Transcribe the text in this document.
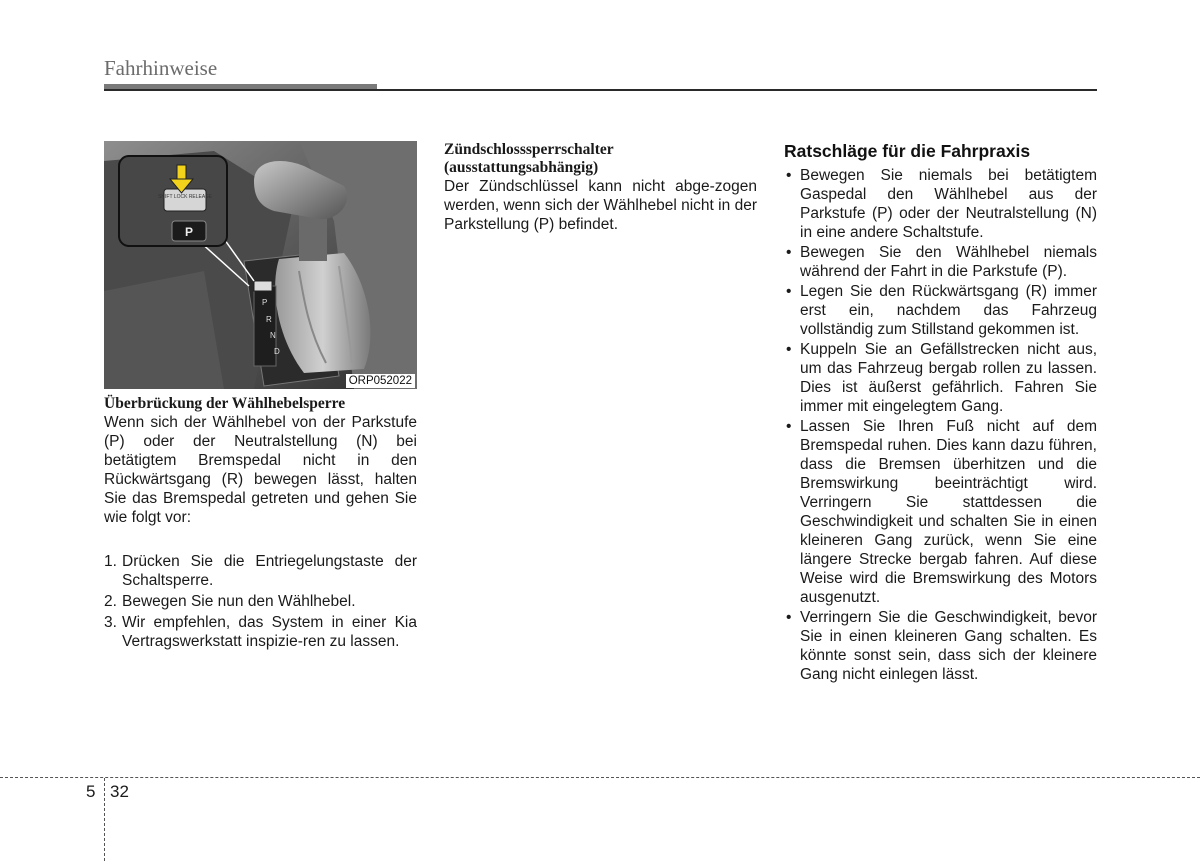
Fahrhinweise
P
R
N
D
SHIFT LOCK RELEASE
P
ORP052022
Überbrückung der Wählhebelsperre

Wenn sich der Wählhebel von der Parkstufe (P) oder der Neutralstellung (N) bei betätigtem Bremspedal nicht in den Rückwärtsgang (R) bewegen lässt, halten Sie das Bremspedal getreten und gehen Sie wie folgt vor:

1. Drücken Sie die Entriegelungstaste der Schaltsperre.
2. Bewegen Sie nun den Wählhebel.
3. Wir empfehlen, das System in einer Kia Vertragswerkstatt inspizie-ren zu lassen.
Zündschlosssperrschalter
(ausstattungsabhängig)

Der Zündschlüssel kann nicht abge-zogen werden, wenn sich der Wählhebel nicht in der Parkstellung (P) befindet.

Ratschläge für die Fahrpraxis
• Bewegen Sie niemals bei betätigtem Gaspedal den Wählhebel aus der Parkstufe (P) oder der Neutralstellung (N) in eine andere Schaltstufe.
• Bewegen Sie den Wählhebel niemals während der Fahrt in die Parkstufe (P).
• Legen Sie den Rückwärtsgang (R) immer erst ein, nachdem das Fahrzeug vollständig zum Stillstand gekommen ist.
• Kuppeln Sie an Gefällstrecken nicht aus, um das Fahrzeug bergab rollen zu lassen. Dies ist äußerst gefährlich. Fahren Sie immer mit eingelegtem Gang.
• Lassen Sie Ihren Fuß nicht auf dem Bremspedal ruhen. Dies kann dazu führen, dass die Bremsen überhitzen und die Bremswirkung beeinträchtigt wird. Verringern Sie stattdessen die Geschwindigkeit und schalten Sie in einen kleineren Gang zurück, wenn Sie eine längere Strecke bergab fahren. Auf diese Weise wird die Bremswirkung des Motors ausgenutzt.
• Verringern Sie die Geschwindigkeit, bevor Sie in einen kleineren Gang schalten. Es könnte sonst sein, dass sich der kleinere Gang nicht einlegen lässt.
5 32
